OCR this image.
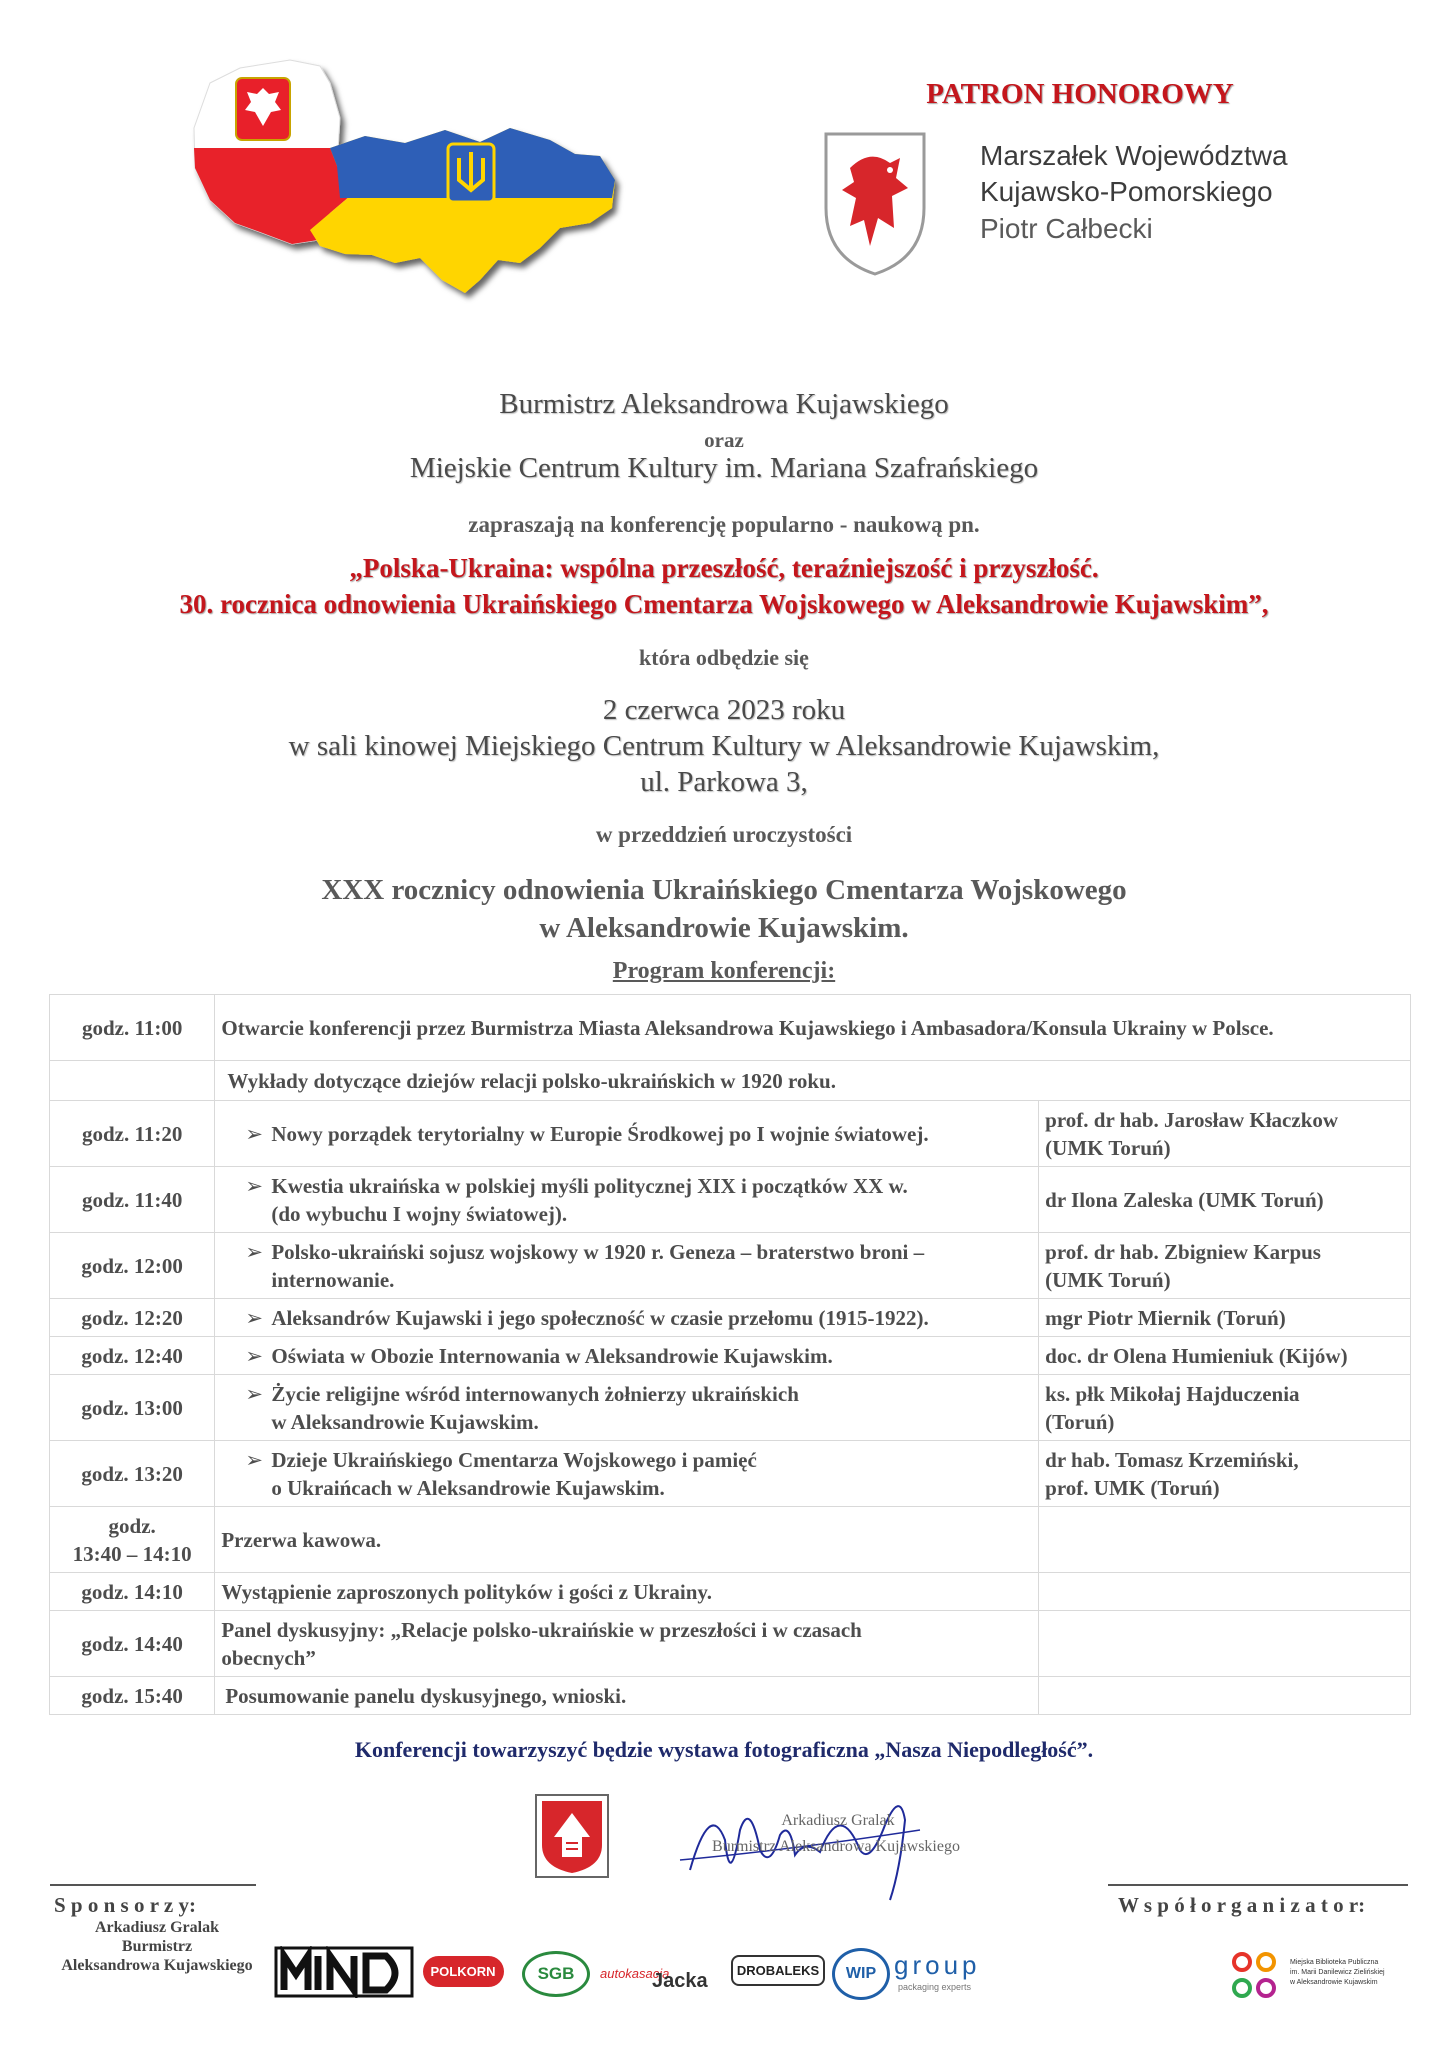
PATRON HONOROWY
Marszałek Województwa
Kujawsko-Pomorskiego
Piotr Całbecki
Burmistrz Aleksandrowa Kujawskiego
oraz
Miejskie Centrum Kultury im. Mariana Szafrańskiego
zapraszają na konferencję popularno - naukową pn.
„Polska-Ukraina: wspólna przeszłość, teraźniejszość i przyszłość.
30. rocznica odnowienia Ukraińskiego Cmentarza Wojskowego w Aleksandrowie Kujawskim”,
która odbędzie się
2 czerwca 2023 roku
w sali kinowej Miejskiego Centrum Kultury w Aleksandrowie Kujawskim,
ul. Parkowa 3,
w przeddzień uroczystości
XXX rocznicy odnowienia Ukraińskiego Cmentarza Wojskowego
w Aleksandrowie Kujawskim.
Program konferencji:
godz. 11:00	Otwarcie konferencji przez Burmistrza Miasta Aleksandrowa Kujawskiego i Ambasadora/Konsula Ukrainy w Polsce.	
	Wykłady dotyczące dziejów relacji polsko-ukraińskich w 1920 roku.	
godz. 11:20	➢ Nowy porządek terytorialny w Europie Środkowej po I wojnie światowej.	prof. dr hab. Jarosław Kłaczkow
(UMK Toruń)

godz. 11:40	➢ Kwestia ukraińska w polskiej myśli politycznej XIX i początków XX w.
(do wybuchu I wojny światowej).	dr Ilona Zaleska (UMK Toruń)

godz. 12:00	➢ Polsko-ukraiński sojusz wojskowy w 1920 r. Geneza – braterstwo broni –
internowanie.	prof. dr hab. Zbigniew Karpus
(UMK Toruń)

godz. 12:20	➢ Aleksandrów Kujawski i jego społeczność w czasie przełomu (1915-1922).	mgr Piotr Miernik (Toruń)

godz. 12:40	➢ Oświata w Obozie Internowania w Aleksandrowie Kujawskim.	doc. dr Olena Humieniuk (Kijów)

godz. 13:00	➢ Życie religijne wśród internowanych żołnierzy ukraińskich
w Aleksandrowie Kujawskim.	ks. płk Mikołaj Hajduczenia
(Toruń)

godz. 13:20	➢ Dzieje Ukraińskiego Cmentarza Wojskowego i pamięć
o Ukraińcach w Aleksandrowie Kujawskim.	dr hab. Tomasz Krzemiński,
prof. UMK (Toruń)

godz.
13:40 – 14:10	Przerwa kawowa.	
godz. 14:10	Wystąpienie zaproszonych polityków i gości z Ukrainy.	
godz. 14:40	Panel dyskusyjny: „Relacje polsko-ukraińskie w przeszłości i w czasach
obecnych”	

godz. 15:40	Posumowanie panelu dyskusyjnego, wnioski.	
Konferencji towarzyszyć będzie wystawa fotograficzna „Nasza Niepodległość”.
Arkadiusz Gralak
Burmistrz Aleksandrowa Kujawskiego
S p o n s o r z y:
Arkadiusz Gralak
Burmistrz
Aleksandrowa Kujawskiego
W s p ó ł o r g a n i z a t o r:
POLKORN	SGB	autokasacja
Jacka	DROBALEKS	WIP group
packaging experts
Miejska Biblioteka Publiczna
im. Marii Danilewicz Zielińskiej
w Aleksandrowie Kujawskim
